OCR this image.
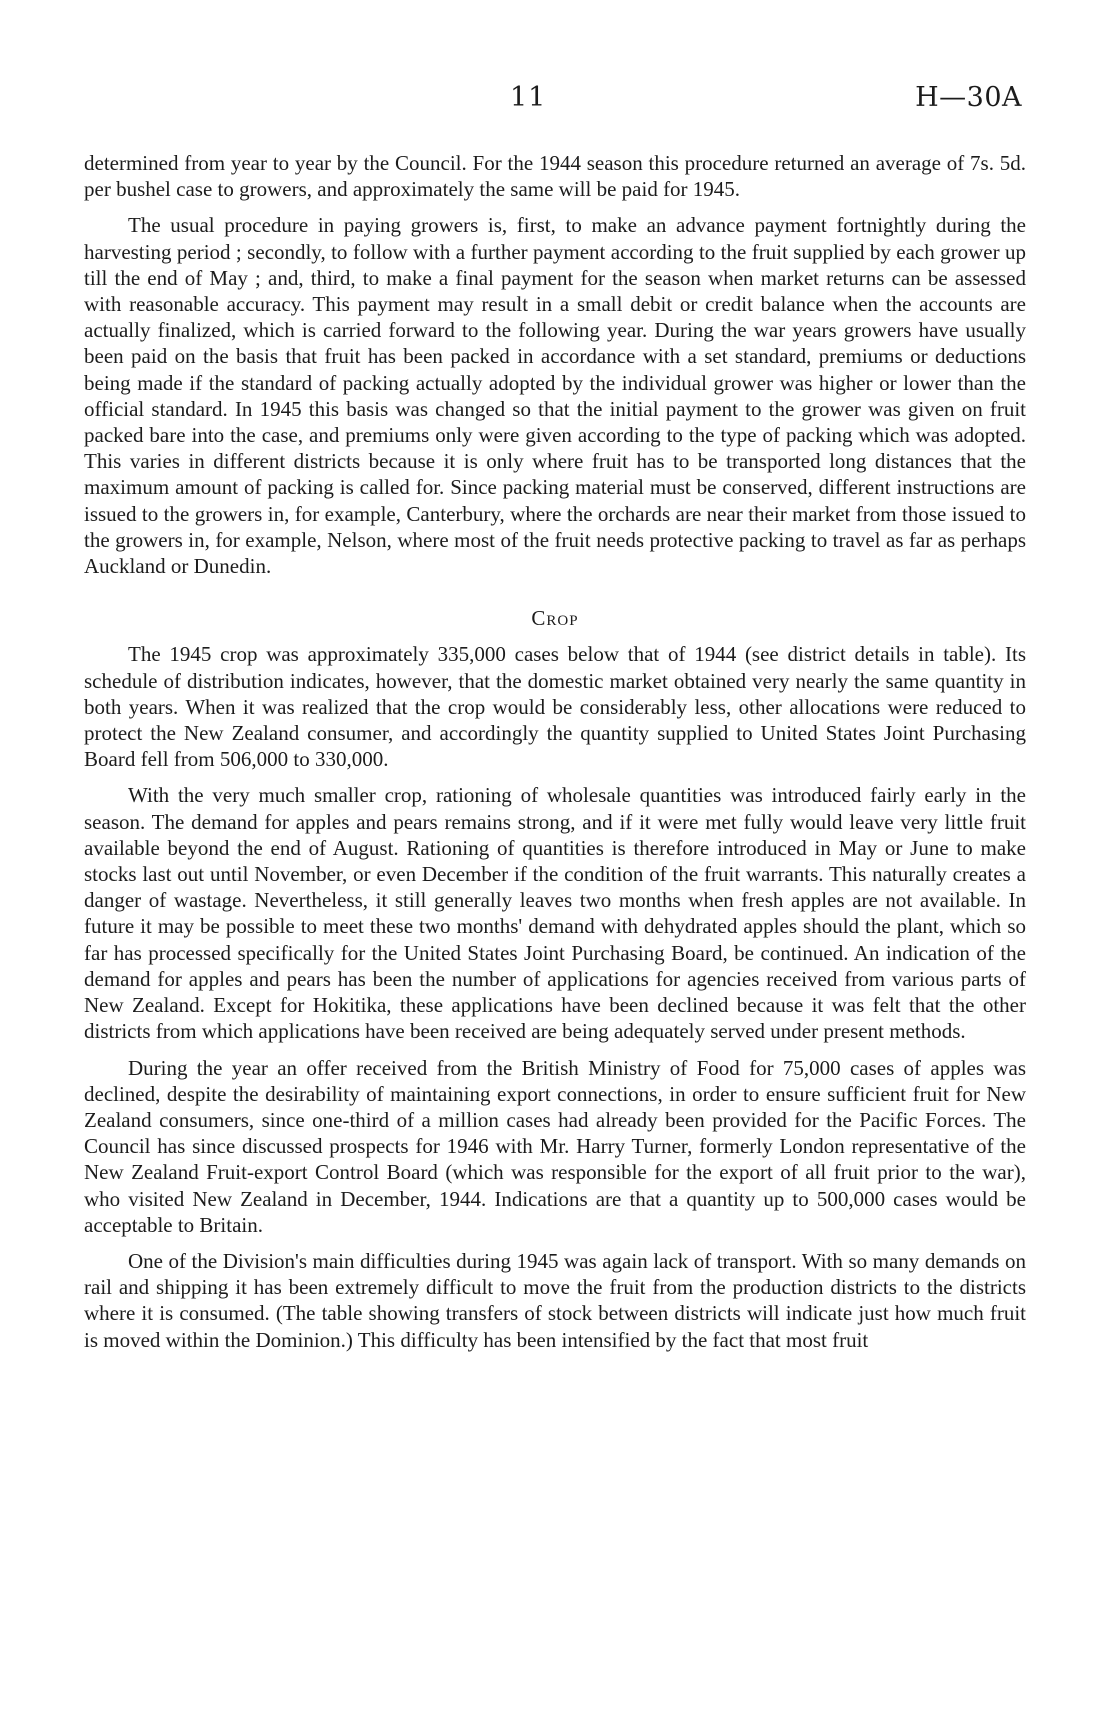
11	H—30A

determined from year to year by the Council. For the 1944 season this procedure returned an average of 7s. 5d. per bushel case to growers, and approximately the same will be paid for 1945.

The usual procedure in paying growers is, first, to make an advance payment fortnightly during the harvesting period ; secondly, to follow with a further payment according to the fruit supplied by each grower up till the end of May ; and, third, to make a final payment for the season when market returns can be assessed with reasonable accuracy. This payment may result in a small debit or credit balance when the accounts are actually finalized, which is carried forward to the following year. During the war years growers have usually been paid on the basis that fruit has been packed in accordance with a set standard, premiums or deductions being made if the standard of packing actually adopted by the individual grower was higher or lower than the official standard. In 1945 this basis was changed so that the initial payment to the grower was given on fruit packed bare into the case, and premiums only were given according to the type of packing which was adopted. This varies in different districts because it is only where fruit has to be transported long distances that the maximum amount of packing is called for. Since packing material must be conserved, different instructions are issued to the growers in, for example, Canterbury, where the orchards are near their market from those issued to the growers in, for example, Nelson, where most of the fruit needs protective packing to travel as far as perhaps Auckland or Dunedin.

Crop

The 1945 crop was approximately 335,000 cases below that of 1944 (see district details in table). Its schedule of distribution indicates, however, that the domestic market obtained very nearly the same quantity in both years. When it was realized that the crop would be considerably less, other allocations were reduced to protect the New Zealand consumer, and accordingly the quantity supplied to United States Joint Purchasing Board fell from 506,000 to 330,000.

With the very much smaller crop, rationing of wholesale quantities was introduced fairly early in the season. The demand for apples and pears remains strong, and if it were met fully would leave very little fruit available beyond the end of August. Rationing of quantities is therefore introduced in May or June to make stocks last out until November, or even December if the condition of the fruit warrants. This naturally creates a danger of wastage. Nevertheless, it still generally leaves two months when fresh apples are not available. In future it may be possible to meet these two months' demand with dehydrated apples should the plant, which so far has processed specifically for the United States Joint Purchasing Board, be continued. An indication of the demand for apples and pears has been the number of applications for agencies received from various parts of New Zealand. Except for Hokitika, these applications have been declined because it was felt that the other districts from which applications have been received are being adequately served under present methods.

During the year an offer received from the British Ministry of Food for 75,000 cases of apples was declined, despite the desirability of maintaining export connections, in order to ensure sufficient fruit for New Zealand consumers, since one-third of a million cases had already been provided for the Pacific Forces. The Council has since discussed prospects for 1946 with Mr. Harry Turner, formerly London representative of the New Zealand Fruit-export Control Board (which was responsible for the export of all fruit prior to the war), who visited New Zealand in December, 1944. Indications are that a quantity up to 500,000 cases would be acceptable to Britain.

One of the Division's main difficulties during 1945 was again lack of transport. With so many demands on rail and shipping it has been extremely difficult to move the fruit from the production districts to the districts where it is consumed. (The table showing transfers of stock between districts will indicate just how much fruit is moved within the Dominion.) This difficulty has been intensified by the fact that most fruit
